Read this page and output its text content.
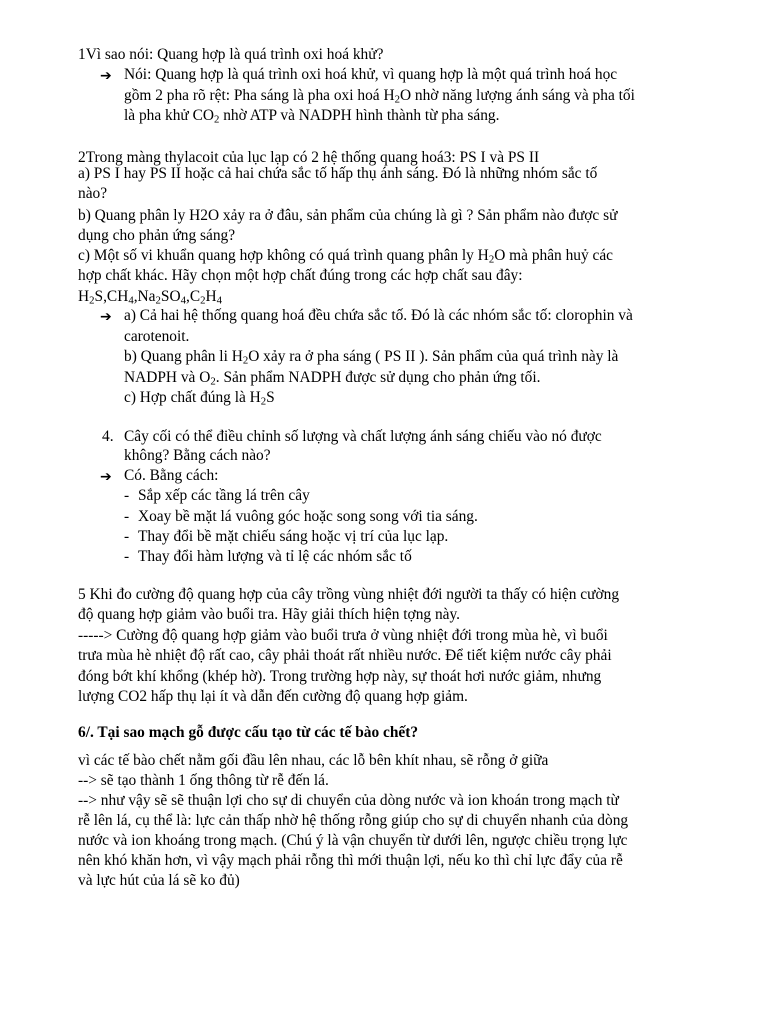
1Vì sao nói: Quang hợp là quá trình oxi hoá khử?
➔ Nói: Quang hợp là quá trình oxi hoá khử, vì quang hợp là một quá trình hoá học
gồm 2 pha rõ rệt: Pha sáng là pha oxi hoá $H_2O$ nhờ năng lượng ánh sáng và pha tối
là pha khử $CO_2$ nhờ ATP và NADPH hình thành từ pha sáng.
2Trong màng thylacoit của lục lạp có 2 hệ thống quang hoá3: PS I và PS II
a) PS I hay PS II hoặc cả hai chứa sắc tố hấp thụ ánh sáng. Đó là những nhóm sắc tố
nào?
b) Quang phân ly H2O xảy ra ở đâu, sản phẩm của chúng là gì ? Sản phẩm nào được sử
dụng cho phản ứng sáng?
c) Một số vi khuẩn quang hợp không có quá trình quang phân ly $H_2O$ mà phân huỷ các
hợp chất khác. Hãy chọn một hợp chất đúng trong các hợp chất sau đây:
$H_2S,CH_4,Na_2SO_4,C_2H_4$
➔ a) Cả hai hệ thống quang hoá đều chứa sắc tố. Đó là các nhóm sắc tố: clorophin và
carotenoit.
b) Quang phân li $H_2O$ xảy ra ở pha sáng ( PS II ). Sản phẩm của quá trình này là
NADPH và $O_2$. Sản phẩm NADPH được sử dụng cho phản ứng tối.
c) Hợp chất đúng là $H_2S$
4. Cây cối có thể điều chỉnh số lượng và chất lượng ánh sáng chiếu vào nó được
không? Bằng cách nào?
➔ Có. Bằng cách:
- Sắp xếp các tầng lá trên cây
- Xoay bề mặt lá vuông góc hoặc song song với tia sáng.
- Thay đổi bề mặt chiếu sáng hoặc vị trí của lục lạp.
- Thay đổi hàm lượng và tỉ lệ các nhóm sắc tố
5 Khi đo cường độ quang hợp của cây trồng vùng nhiệt đới người ta thấy có hiện cường
độ quang hợp giảm vào buổi tra. Hãy giải thích hiện tợng này.
-----> Cường độ quang hợp giảm vào buổi trưa ở vùng nhiệt đới trong mùa hè, vì buổi
trưa mùa hè nhiệt độ rất cao, cây phải thoát rất nhiều nước. Để tiết kiệm nước cây phải
đóng bớt khí khổng (khép hờ). Trong trường hợp này, sự thoát hơi nước giảm, nhưng
lượng CO2 hấp thụ lại ít và dẫn đến cường độ quang hợp giảm.
6/. Tại sao mạch gỗ được cấu tạo từ các tế bào chết?
vì các tế bào chết nằm gối đầu lên nhau, các lỗ bên khít nhau, sẽ rỗng ở giữa
--> sẽ tạo thành 1 ống thông từ rễ đến lá.
--> như vậy sẽ sẽ thuận lợi cho sự di chuyển của dòng nước và ion khoán trong mạch từ
rễ lên lá, cụ thể là: lực cản thấp nhờ hệ thống rỗng giúp cho sự di chuyển nhanh của dòng
nước và ion khoáng trong mạch. (Chú ý là vận chuyển từ dưới lên, ngược chiều trọng lực
nên khó khăn hơn, vì vậy mạch phải rỗng thì mới thuận lợi, nếu ko thì chỉ lực đẩy của rễ
và lực hút của lá sẽ ko đủ)
